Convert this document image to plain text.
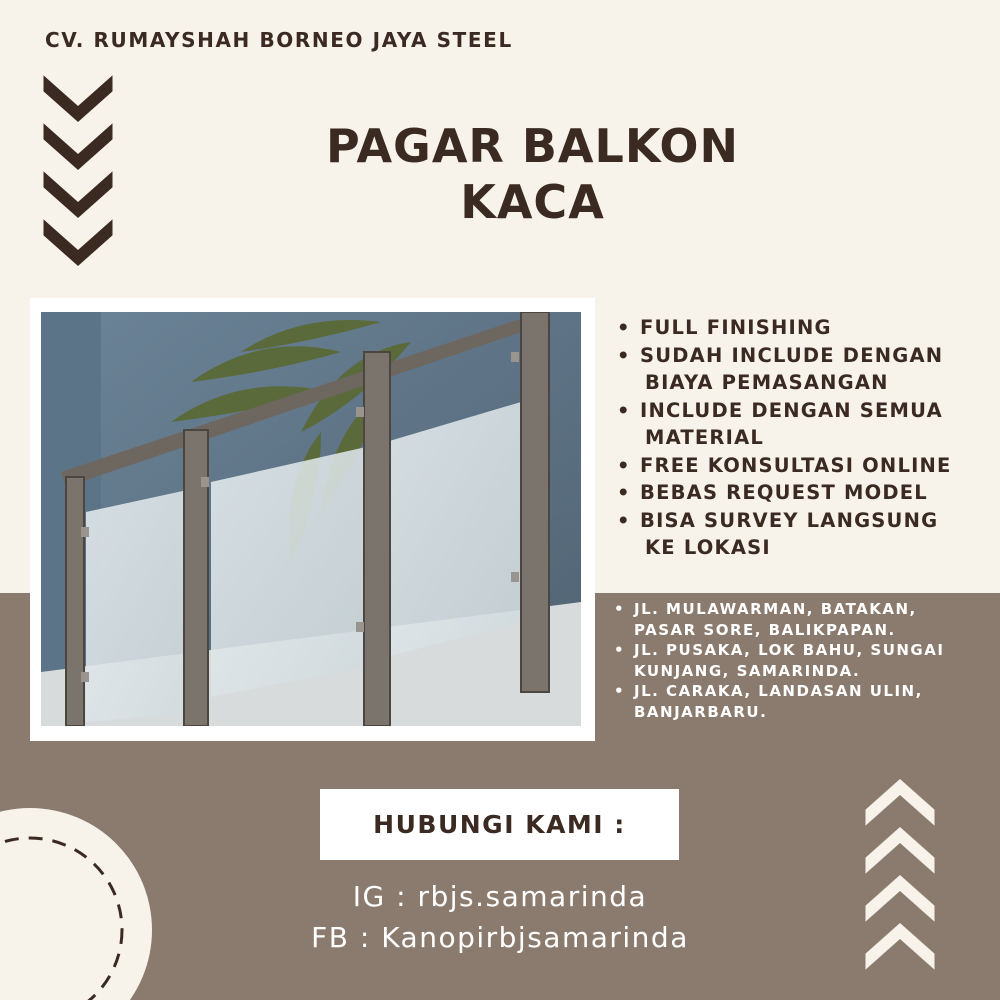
CV. RUMAYSHAH BORNEO JAYA STEEL
PAGAR BALKON
KACA
• FULL FINISHING
• SUDAH INCLUDE DENGAN
BIAYA PEMASANGAN
• INCLUDE DENGAN SEMUA
MATERIAL
• FREE KONSULTASI ONLINE
• BEBAS REQUEST MODEL
• BISA SURVEY LANGSUNG
KE LOKASI
• JL. MULAWARMAN, BATAKAN,
PASAR SORE, BALIKPAPAN.
• JL. PUSAKA, LOK BAHU, SUNGAI
KUNJANG, SAMARINDA.
• JL. CARAKA, LANDASAN ULIN,
BANJARBARU.
HUBUNGI KAMI :
IG : rbjs.samarinda
FB : Kanopirbjsamarinda
